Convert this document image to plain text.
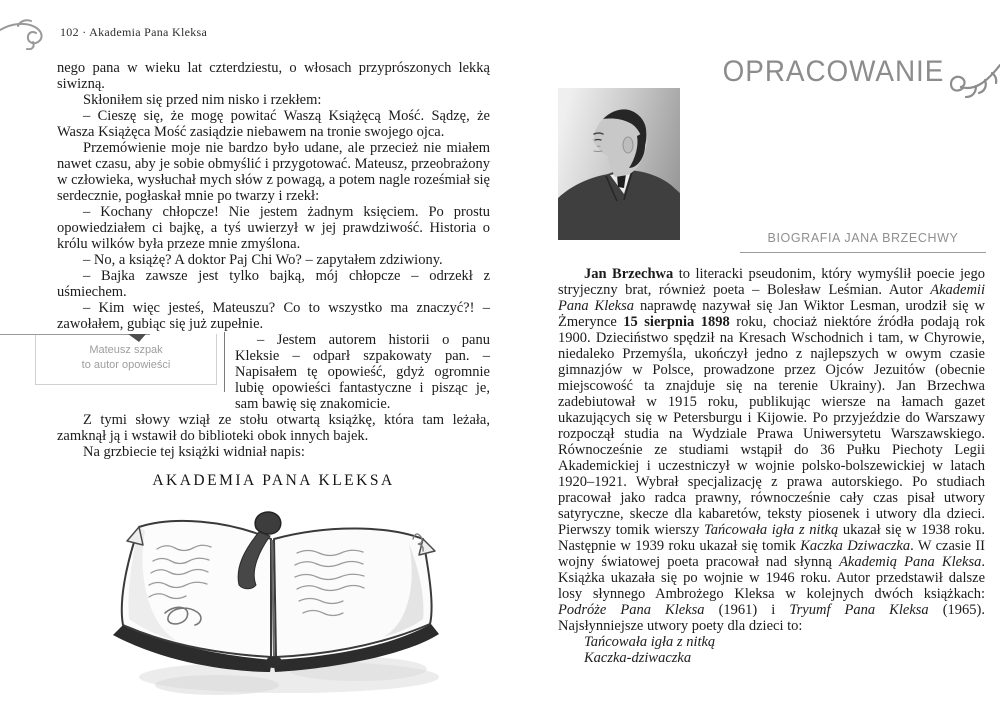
102 · Akademia Pana Kleksa

nego pana w wieku lat czterdziestu, o włosach przyprószonych lekką siwizną.

Skłoniłem się przed nim nisko i rzekłem:

– Cieszę się, że mogę powitać Waszą Książęcą Mość. Sądzę, że Wasza Książęca Mość zasiądzie niebawem na tronie swojego ojca.

Przemówienie moje nie bardzo było udane, ale przecież nie miałem nawet czasu, aby je sobie obmyślić i przygotować. Mateusz, przeobrażony w człowieka, wysłuchał mych słów z powagą, a potem nagle roześmiał się serdecznie, pogłaskał mnie po twarzy i rzekł:

– Kochany chłopcze! Nie jestem żadnym księciem. Po prostu opowiedziałem ci bajkę, a tyś uwierzył w jej prawdziwość. Historia o królu wilków była przeze mnie zmyślona.

– No, a książę? A doktor Paj Chi Wo? – zapytałem zdziwiony.

– Bajka zawsze jest tylko bajką, mój chłopcze – odrzekł z uśmiechem.

– Kim więc jesteś, Mateuszu? Co to wszystko ma znaczyć?! – zawołałem, gubiąc się już zupełnie.

Mateusz szpak
to autor opowieści

– Jestem autorem historii o panu Kleksie – odparł szpakowaty pan. – Napisałem tę opowieść, gdyż ogromnie lubię opowieści fantastyczne i pisząc je, sam bawię się znakomicie.

Z tymi słowy wziął ze stołu otwartą książkę, która tam leżała, zamknął ją i wstawił do biblioteki obok innych bajek.

Na grzbiecie tej książki widniał napis:

AKADEMIA PANA KLEKSA
OPRACOWANIE
BIOGRAFIA JANA BRZECHWY

Jan Brzechwa to literacki pseudonim, który wymyślił poecie jego stryjeczny brat, również poeta – Bolesław Leśmian. Autor Akademii Pana Kleksa naprawdę nazywał się Jan Wiktor Lesman, urodził się w Żmerynce 15 sierpnia 1898 roku, chociaż niektóre źródła podają rok 1900. Dzieciństwo spędził na Kresach Wschodnich i tam, w Chyrowie, niedaleko Przemyśla, ukończył jedno z najlepszych w owym czasie gimnazjów w Polsce, prowadzone przez Ojców Jezuitów (obecnie miejscowość ta znajduje się na terenie Ukrainy). Jan Brzechwa zadebiutował w 1915 roku, publikując wiersze na łamach gazet ukazujących się w Petersburgu i Kijowie. Po przyjeździe do Warszawy rozpoczął studia na Wydziale Prawa Uniwersytetu Warszawskiego. Równocześnie ze studiami wstąpił do 36 Pułku Piechoty Legii Akademickiej i uczestniczył w wojnie polsko-bolszewickiej w latach 1920–1921. Wybrał specjalizację z prawa autorskiego. Po studiach pracował jako radca prawny, równocześnie cały czas pisał utwory satyryczne, skecze dla kabaretów, teksty piosenek i utwory dla dzieci. Pierwszy tomik wierszy Tańcowała igła z nitką ukazał się w 1938 roku. Następnie w 1939 roku ukazał się tomik Kaczka Dziwaczka. W czasie II wojny światowej poeta pracował nad słynną Akademią Pana Kleksa. Książka ukazała się po wojnie w 1946 roku. Autor przedstawił dalsze losy słynnego Ambrożego Kleksa w kolejnych dwóch książkach: Podróże Pana Kleksa (1961) i Tryumf Pana Kleksa (1965). Najsłynniejsze utwory poety dla dzieci to:

Tańcowała igła z nitką

Kaczka-dziwaczka
